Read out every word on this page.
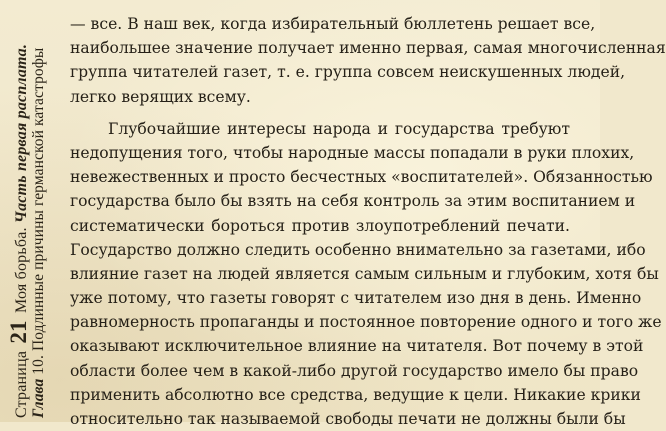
Страница 21 Моя борьба. Часть первая расплата.
Глава 10. Подлинные причины германской катастрофы
— все. В наш век, когда избирательный бюллетень решает все,
наибольшее значение получает именно первая, самая многочисленная
группа читателей газет, т. е. группа совсем неискушенных людей,
легко верящих всему.
Глубочайшие интересы народа и государства требуют
недопущения того, чтобы народные массы попадали в руки плохих,
невежественных и просто бесчестных «воспитателей». Обязанностью
государства было бы взять на себя контроль за этим воспитанием и
систематически бороться против злоупотреблений печати.
Государство должно следить особенно внимательно за газетами, ибо
влияние газет на людей является самым сильным и глубоким, хотя бы
уже потому, что газеты говорят с читателем изо дня в день. Именно
равномерность пропаганды и постоянное повторение одного и того же
оказывают исключительное влияние на читателя. Вот почему в этой
области более чем в какой-либо другой государство имело бы право
применить абсолютно все средства, ведущие к цели. Никакие крики
относительно так называемой свободы печати не должны были бы
